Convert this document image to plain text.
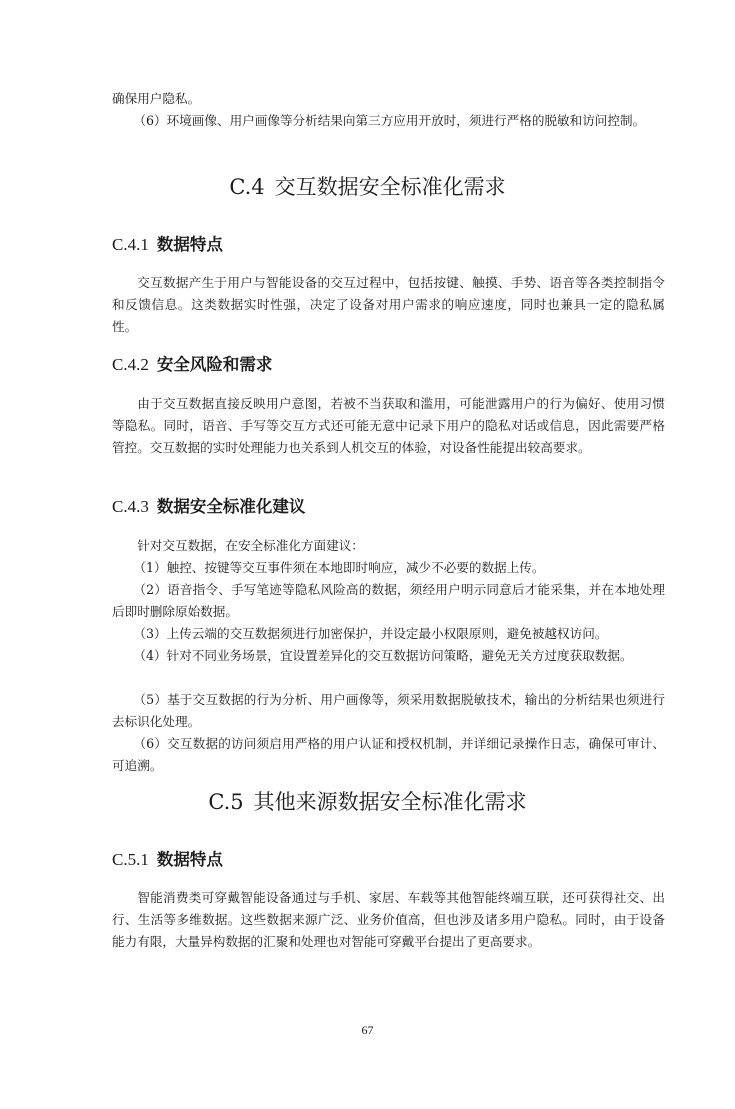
确保用户隐私。

（6）环境画像、用户画像等分析结果向第三方应用开放时，须进行严格的脱敏和访问控制。

C.4 交互数据安全标准化需求
C.4.1 数据特点

交互数据产生于用户与智能设备的交互过程中，包括按键、触摸、手势、语音等各类控制指令和反馈信息。这类数据实时性强，决定了设备对用户需求的响应速度，同时也兼具一定的隐私属性。

C.4.2 安全风险和需求

由于交互数据直接反映用户意图，若被不当获取和滥用，可能泄露用户的行为偏好、使用习惯等隐私。同时，语音、手写等交互方式还可能无意中记录下用户的隐私对话或信息，因此需要严格管控。交互数据的实时处理能力也关系到人机交互的体验，对设备性能提出较高要求。

C.4.3 数据安全标准化建议

针对交互数据，在安全标准化方面建议：

（1）触控、按键等交互事件须在本地即时响应，减少不必要的数据上传。

（2）语音指令、手写笔迹等隐私风险高的数据，须经用户明示同意后才能采集，并在本地处理后即时删除原始数据。

（3）上传云端的交互数据须进行加密保护，并设定最小权限原则，避免被越权访问。

（4）针对不同业务场景，宜设置差异化的交互数据访问策略，避免无关方过度获取数据。

（5）基于交互数据的行为分析、用户画像等，须采用数据脱敏技术，输出的分析结果也须进行去标识化处理。

（6）交互数据的访问须启用严格的用户认证和授权机制，并详细记录操作日志，确保可审计、可追溯。

C.5 其他来源数据安全标准化需求
C.5.1 数据特点

智能消费类可穿戴智能设备通过与手机、家居、车载等其他智能终端互联，还可获得社交、出行、生活等多维数据。这些数据来源广泛、业务价值高，但也涉及诸多用户隐私。同时，由于设备能力有限，大量异构数据的汇聚和处理也对智能可穿戴平台提出了更高要求。

67
